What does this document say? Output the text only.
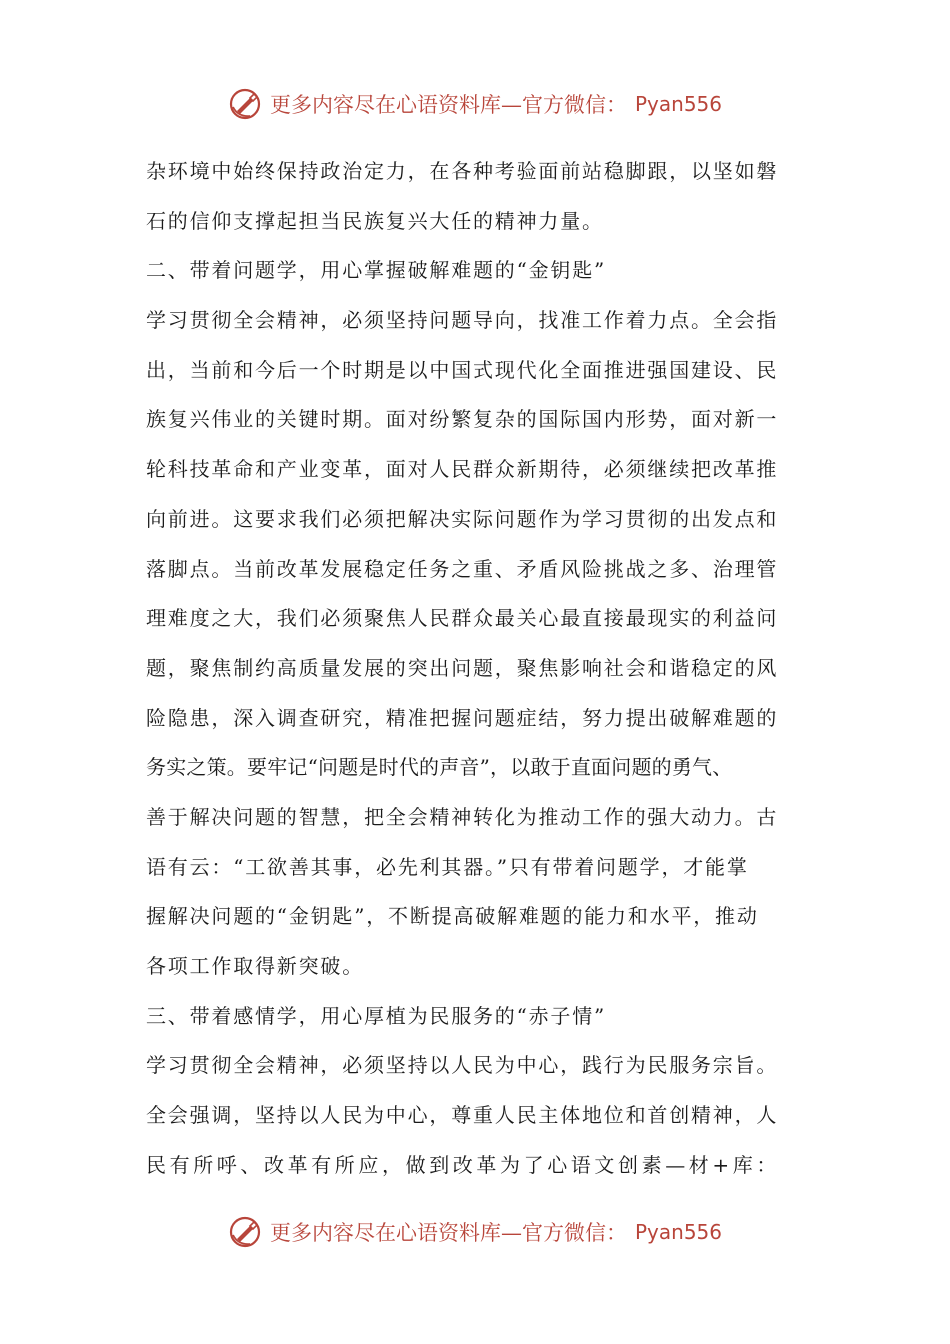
更多内容尽在心语资料库—官方微信： Pyan556
杂环境中始终保持政治定力，在各种考验面前站稳脚跟，以坚如磐
石的信仰支撑起担当民族复兴大任的精神力量。
二、带着问题学，用心掌握破解难题的“金钥匙”
学习贯彻全会精神，必须坚持问题导向，找准工作着力点。全会指
出，当前和今后一个时期是以中国式现代化全面推进强国建设、民
族复兴伟业的关键时期。面对纷繁复杂的国际国内形势，面对新一
轮科技革命和产业变革，面对人民群众新期待，必须继续把改革推
向前进。这要求我们必须把解决实际问题作为学习贯彻的出发点和
落脚点。当前改革发展稳定任务之重、矛盾风险挑战之多、治理管
理难度之大，我们必须聚焦人民群众最关心最直接最现实的利益问
题，聚焦制约高质量发展的突出问题，聚焦影响社会和谐稳定的风
险隐患，深入调查研究，精准把握问题症结，努力提出破解难题的
务实之策。要牢记“问题是时代的声音”，以敢于直面问题的勇气、
善于解决问题的智慧，把全会精神转化为推动工作的强大动力。古
语有云：“工欲善其事，必先利其器。”只有带着问题学，才能掌
握解决问题的“金钥匙”，不断提高破解难题的能力和水平，推动
各项工作取得新突破。
三、带着感情学，用心厚植为民服务的“赤子情”
学习贯彻全会精神，必须坚持以人民为中心，践行为民服务宗旨。
全会强调，坚持以人民为中心，尊重人民主体地位和首创精神，人
民有所呼、改革有所应，做到改革为了心语文创素—材+库：
更多内容尽在心语资料库—官方微信： Pyan556
